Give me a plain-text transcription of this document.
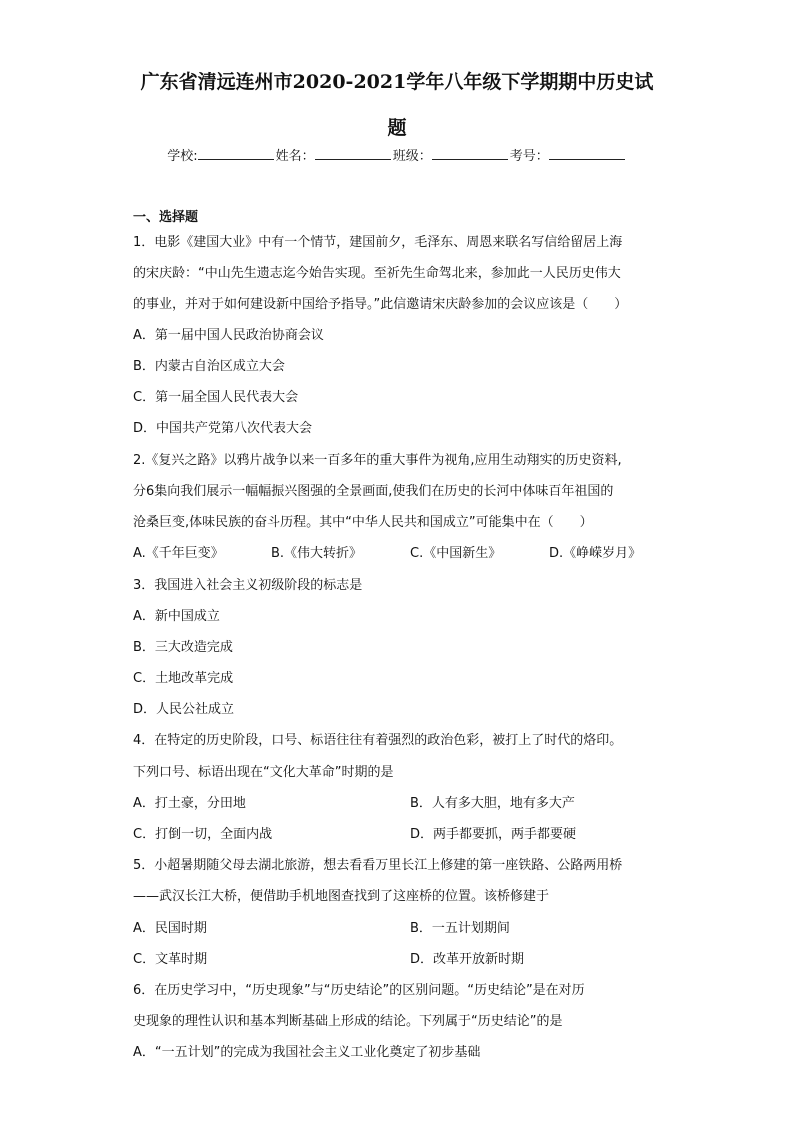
广东省清远连州市2020-2021学年八年级下学期期中历史试
题
学校:	姓名：	班级：	考号：
一、选择题
1．电影《建国大业》中有一个情节，建国前夕，毛泽东、周恩来联名写信给留居上海
的宋庆龄：“中山先生遗志迄今始告实现。至祈先生命驾北来，参加此一人民历史伟大
的事业，并对于如何建设新中国给予指导。”此信邀请宋庆龄参加的会议应该是（　　）
A．第一届中国人民政治协商会议
B．内蒙古自治区成立大会
C．第一届全国人民代表大会
D．中国共产党第八次代表大会
2.《复兴之路》以鸦片战争以来一百多年的重大事件为视角,应用生动翔实的历史资料,
分6集向我们展示一幅幅振兴图强的全景画面,使我们在历史的长河中体味百年祖国的
沧桑巨变,体味民族的奋斗历程。其中“中华人民共和国成立”可能集中在（　　）
A.《千年巨变》	B.《伟大转折》	C.《中国新生》	D.《峥嵘岁月》
3．我国进入社会主义初级阶段的标志是
A．新中国成立
B．三大改造完成
C．土地改革完成
D．人民公社成立
4．在特定的历史阶段，口号、标语往往有着强烈的政治色彩，被打上了时代的烙印。
下列口号、标语出现在“文化大革命”时期的是
A．打土豪，分田地	B．人有多大胆，地有多大产
C．打倒一切，全面内战	D．两手都要抓，两手都要硬
5．小超暑期随父母去湖北旅游，想去看看万里长江上修建的第一座铁路、公路两用桥
——武汉长江大桥，便借助手机地图查找到了这座桥的位置。该桥修建于
A．民国时期	B．一五计划期间
C．文革时期	D．改革开放新时期
6．在历史学习中，“历史现象”与“历史结论”的区别问题。“历史结论”是在对历
史现象的理性认识和基本判断基础上形成的结论。下列属于“历史结论”的是
A．“一五计划”的完成为我国社会主义工业化奠定了初步基础
